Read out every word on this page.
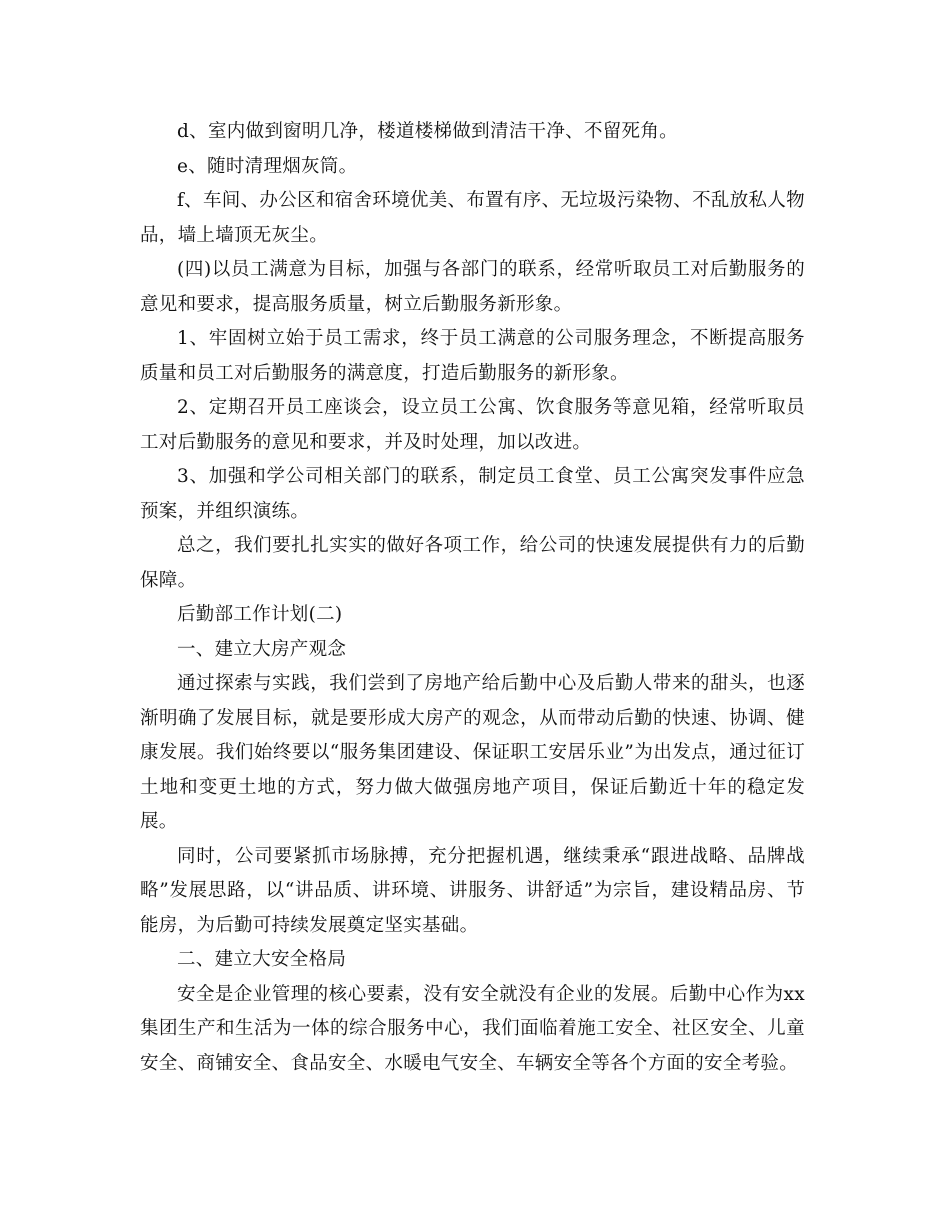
d、室内做到窗明几净，楼道楼梯做到清洁干净、不留死角。

e、随时清理烟灰筒。

f、车间、办公区和宿舍环境优美、布置有序、无垃圾污染物、不乱放私人物品，墙上墙顶无灰尘。

(四)以员工满意为目标，加强与各部门的联系，经常听取员工对后勤服务的意见和要求，提高服务质量，树立后勤服务新形象。

1、牢固树立始于员工需求，终于员工满意的公司服务理念，不断提高服务质量和员工对后勤服务的满意度，打造后勤服务的新形象。

2、定期召开员工座谈会，设立员工公寓、饮食服务等意见箱，经常听取员工对后勤服务的意见和要求，并及时处理，加以改进。

3、加强和学公司相关部门的联系，制定员工食堂、员工公寓突发事件应急预案，并组织演练。

总之，我们要扎扎实实的做好各项工作，给公司的快速发展提供有力的后勤保障。

后勤部工作计划(二)

一、建立大房产观念

通过探索与实践，我们尝到了房地产给后勤中心及后勤人带来的甜头，也逐渐明确了发展目标，就是要形成大房产的观念，从而带动后勤的快速、协调、健康发展。我们始终要以“服务集团建设、保证职工安居乐业”为出发点，通过征订土地和变更土地的方式，努力做大做强房地产项目，保证后勤近十年的稳定发展。

同时，公司要紧抓市场脉搏，充分把握机遇，继续秉承“跟进战略、品牌战略”发展思路，以“讲品质、讲环境、讲服务、讲舒适”为宗旨，建设精品房、节能房，为后勤可持续发展奠定坚实基础。

二、建立大安全格局

安全是企业管理的核心要素，没有安全就没有企业的发展。后勤中心作为xx集团生产和生活为一体的综合服务中心，我们面临着施工安全、社区安全、儿童安全、商铺安全、食品安全、水暖电气安全、车辆安全等各个方面的安全考验。
